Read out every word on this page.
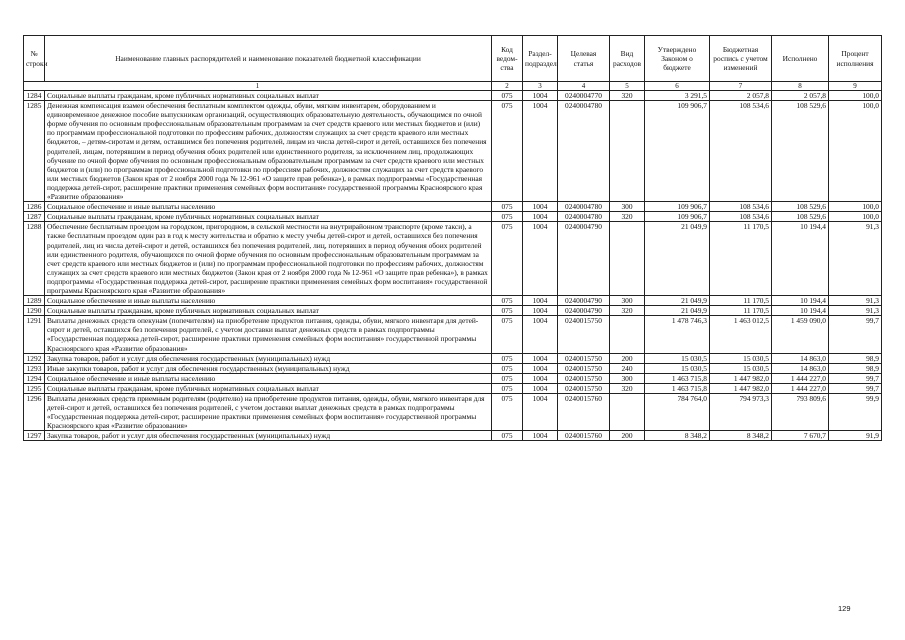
№ строки	Наименование главных распорядителей и наименование показателей бюджетной классификации	Код ведом-ства	Раздел-подраздел	Целевая статья	Вид расходов	Утверждено Законом о бюджете	Бюджетная роспись с учетом изменений	Исполнено	Процент исполнения
1		2	3	4	5	6	7	8	9
1284	Социальные выплаты гражданам, кроме публичных нормативных социальных выплат	075	1004	0240004770	320	3 291,5	2 057,8	2 057,8	100,0
1285	Денежная компенсация взамен обеспечения бесплатным комплектом одежды, обуви, мягким инвентарем, оборудованием и единовременное денежное пособие выпускникам организаций, осуществляющих образовательную деятельность, обучающимся по очной форме обучения по основным профессиональным образовательным программам за счет средств краевого или местных бюджетов и (или) по программам профессиональной подготовки по профессиям рабочих, должностям служащих за счет средств краевого или местных бюджетов, – детям-сиротам и детям, оставшимся без попечения родителей, лицам из числа детей-сирот и детей, оставшихся без попечения родителей, лицам, потерявшим в период обучения обоих родителей или единственного родителя, за исключением лиц, продолжающих обучение по очной форме обучения по основным профессиональным образовательным программам за счет средств краевого или местных бюджетов и (или) по программам профессиональной подготовки по профессиям рабочих, должностям служащих за счет средств краевого или местных бюджетов (Закон края от 2 ноября 2000 года № 12-961 «О защите прав ребенка»), в рамках подпрограммы «Государственная поддержка детей-сирот, расширение практики применения семейных форм воспитания» государственной программы Красноярского края «Развитие образования»	075	1004	0240004780		109 906,7	108 534,6	108 529,6	100,0
1286	Социальное обеспечение и иные выплаты населению	075	1004	0240004780	300	109 906,7	108 534,6	108 529,6	100,0
1287	Социальные выплаты гражданам, кроме публичных нормативных социальных выплат	075	1004	0240004780	320	109 906,7	108 534,6	108 529,6	100,0
1288	Обеспечение бесплатным проездом на городском, пригородном, в сельской местности на внутрирайонном транспорте (кроме такси), а также бесплатным проездом один раз в год к месту жительства и обратно к месту учебы детей-сирот и детей, оставшихся без попечения родителей, лиц из числа детей-сирот и детей, оставшихся без попечения родителей, лиц, потерявших в период обучения обоих родителей или единственного родителя, обучающихся по очной форме обучения по основным профессиональным образовательным программам за счет средств краевого или местных бюджетов и (или) по программам профессиональной подготовки по профессиям рабочих, должностям служащих за счет средств краевого или местных бюджетов (Закон края от 2 ноября 2000 года № 12-961 «О защите прав ребенка»), в рамках подпрограммы «Государственная поддержка детей-сирот, расширение практики применения семейных форм воспитания» государственной программы Красноярского края «Развитие образования»	075	1004	0240004790		21 049,9	11 170,5	10 194,4	91,3
1289	Социальное обеспечение и иные выплаты населению	075	1004	0240004790	300	21 049,9	11 170,5	10 194,4	91,3
1290	Социальные выплаты гражданам, кроме публичных нормативных социальных выплат	075	1004	0240004790	320	21 049,9	11 170,5	10 194,4	91,3
1291	Выплаты денежных средств опекунам (попечителям) на приобретение продуктов питания, одежды, обуви, мягкого инвентаря для детей-сирот и детей, оставшихся без попечения родителей, с учетом доставки выплат денежных средств в рамках подпрограммы «Государственная поддержка детей-сирот, расширение практики применения семейных форм воспитания» государственной программы Красноярского края «Развитие образования»	075	1004	0240015750		1 478 746,3	1 463 012,5	1 459 090,0	99,7
1292	Закупка товаров, работ и услуг для обеспечения государственных (муниципальных) нужд	075	1004	0240015750	200	15 030,5	15 030,5	14 863,0	98,9
1293	Иные закупки товаров, работ и услуг для обеспечения государственных (муниципальных) нужд	075	1004	0240015750	240	15 030,5	15 030,5	14 863,0	98,9
1294	Социальное обеспечение и иные выплаты населению	075	1004	0240015750	300	1 463 715,8	1 447 982,0	1 444 227,0	99,7
1295	Социальные выплаты гражданам, кроме публичных нормативных социальных выплат	075	1004	0240015750	320	1 463 715,8	1 447 982,0	1 444 227,0	99,7
1296	Выплаты денежных средств приемным родителям (родителю) на приобретение продуктов питания, одежды, обуви, мягкого инвентаря для детей-сирот и детей, оставшихся без попечения родителей, с учетом доставки выплат денежных средств в рамках подпрограммы «Государственная поддержка детей-сирот, расширение практики применения семейных форм воспитания» государственной программы Красноярского края «Развитие образования»	075	1004	0240015760		784 764,0	794 973,3	793 809,6	99,9
1297	Закупка товаров, работ и услуг для обеспечения государственных (муниципальных) нужд	075	1004	0240015760	200	8 348,2	8 348,2	7 670,7	91,9
129
